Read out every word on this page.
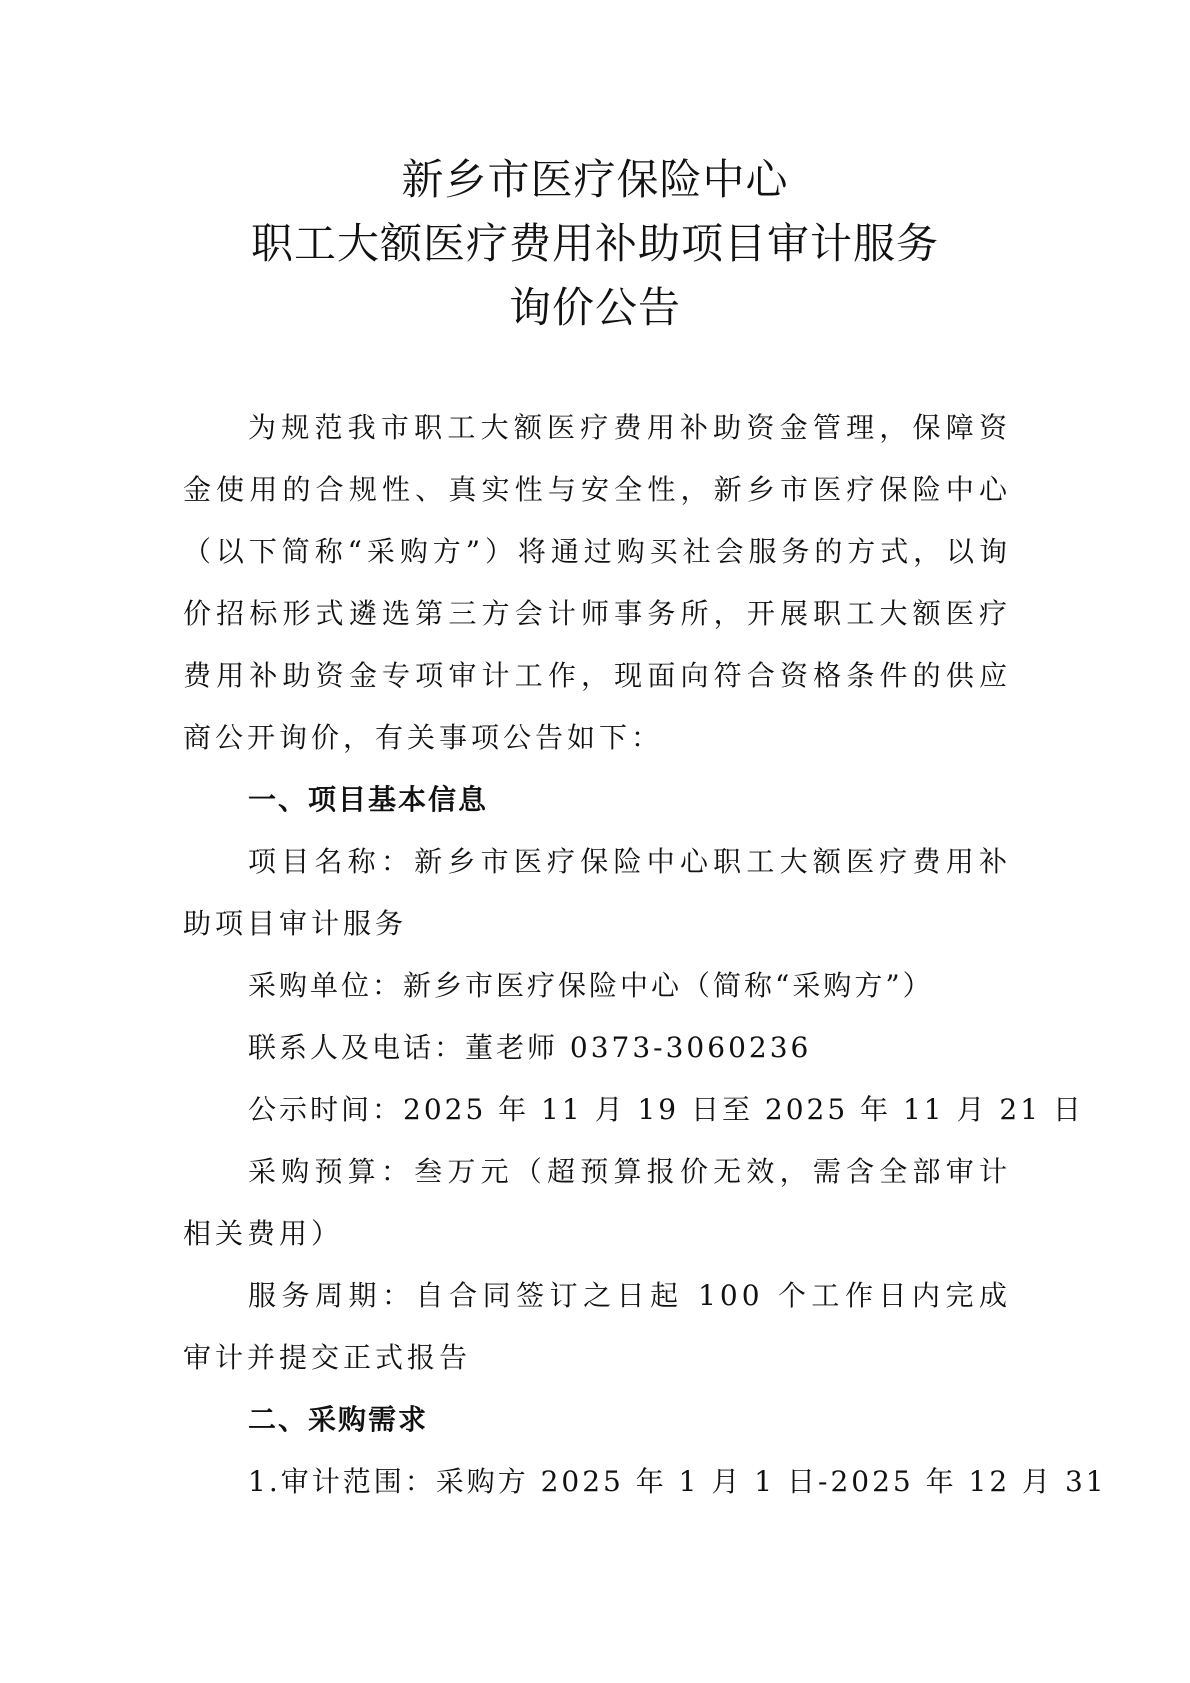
新乡市医疗保险中心
职工大额医疗费用补助项目审计服务
询价公告
为规范我市职工大额医疗费用补助资金管理，保障资金使用的合规性、真实性与安全性，新乡市医疗保险中心（以下简称“采购方”）将通过购买社会服务的方式，以询价招标形式遴选第三方会计师事务所，开展职工大额医疗费用补助资金专项审计工作，现面向符合资格条件的供应商公开询价，有关事项公告如下：
一、项目基本信息
项目名称：新乡市医疗保险中心职工大额医疗费用补助项目审计服务
采购单位：新乡市医疗保险中心（简称“采购方”）
联系人及电话：董老师 0373-3060236
公示时间：2025 年 11 月 19 日至 2025 年 11 月 21 日
采购预算：叁万元（超预算报价无效，需含全部审计相关费用）
服务周期：自合同签订之日起 100 个工作日内完成审计并提交正式报告
二、采购需求
1.审计范围：采购方 2025 年 1 月 1 日-2025 年 12 月 31
